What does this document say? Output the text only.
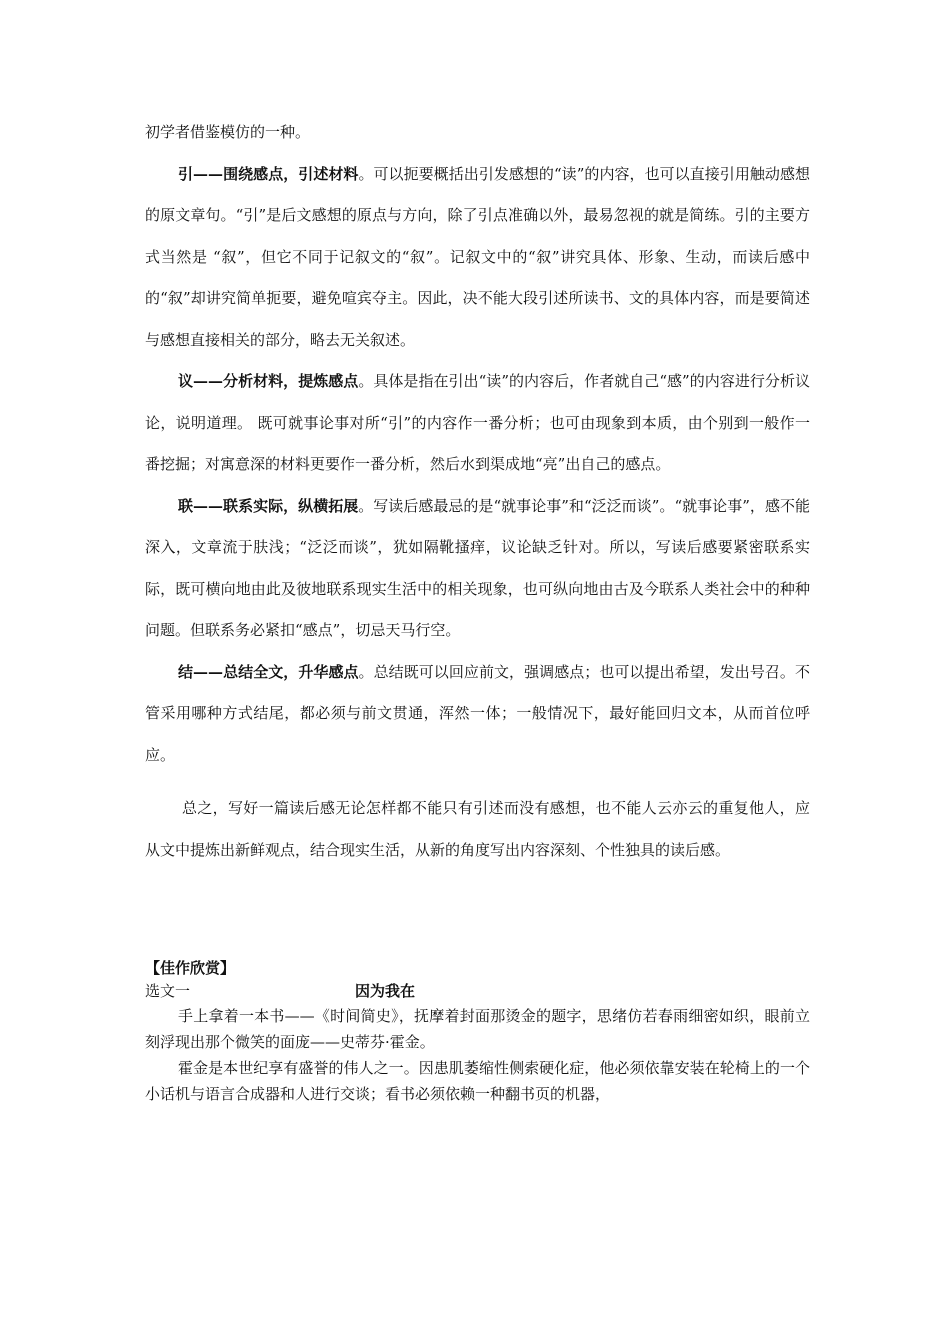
初学者借鉴模仿的一种。

引——围绕感点，引述材料。可以扼要概括出引发感想的“读”的内容，也可以直接引用触动感想的原文章句。“引”是后文感想的原点与方向，除了引点准确以外，最易忽视的就是简练。引的主要方式当然是 “叙”，但它不同于记叙文的“叙”。记叙文中的“叙”讲究具体、形象、生动，而读后感中的“叙”却讲究简单扼要，避免喧宾夺主。因此，决不能大段引述所读书、文的具体内容，而是要简述与感想直接相关的部分，略去无关叙述。

议——分析材料，提炼感点。具体是指在引出“读”的内容后，作者就自己“感”的内容进行分析议论，说明道理。 既可就事论事对所“引”的内容作一番分析；也可由现象到本质，由个别到一般作一番挖掘；对寓意深的材料更要作一番分析，然后水到渠成地“亮”出自己的感点。

联——联系实际，纵横拓展。写读后感最忌的是“就事论事”和“泛泛而谈”。“就事论事”，感不能深入，文章流于肤浅；“泛泛而谈”，犹如隔靴搔痒，议论缺乏针对。所以，写读后感要紧密联系实际，既可横向地由此及彼地联系现实生活中的相关现象，也可纵向地由古及今联系人类社会中的种种问题。但联系务必紧扣“感点”，切忌天马行空。

结——总结全文，升华感点。总结既可以回应前文，强调感点；也可以提出希望，发出号召。不管采用哪种方式结尾，都必须与前文贯通，浑然一体；一般情况下，最好能回归文本，从而首位呼应。

总之，写好一篇读后感无论怎样都不能只有引述而没有感想，也不能人云亦云的重复他人，应从文中提炼出新鲜观点，结合现实生活，从新的角度写出内容深刻、个性独具的读后感。

【佳作欣赏】

选文一	因为我在

手上拿着一本书——《时间简史》，抚摩着封面那烫金的题字，思绪仿若春雨细密如织，眼前立刻浮现出那个微笑的面庞——史蒂芬·霍金。

霍金是本世纪享有盛誉的伟人之一。因患肌萎缩性侧索硬化症，他必须依靠安装在轮椅上的一个小话机与语言合成器和人进行交谈；看书必须依赖一种翻书页的机器，
